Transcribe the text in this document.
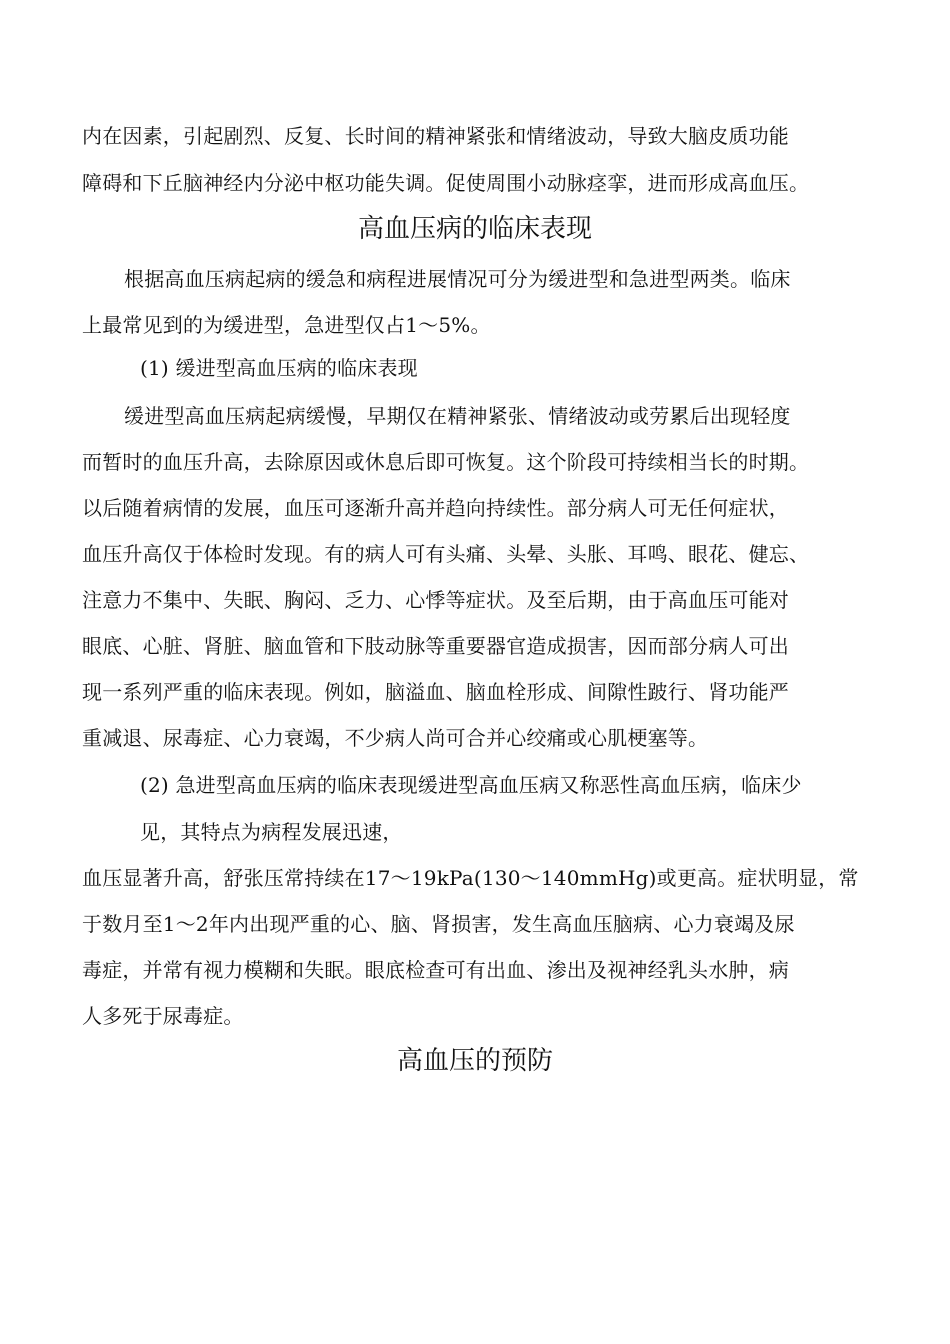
内在因素，引起剧烈、反复、长时间的精神紧张和情绪波动，导致大脑皮质功能
障碍和下丘脑神经内分泌中枢功能失调。促使周围小动脉痉挛，进而形成高血压。
高血压病的临床表现
根据高血压病起病的缓急和病程进展情况可分为缓进型和急进型两类。临床
上最常见到的为缓进型，急进型仅占1～5%。
(1) 缓进型高血压病的临床表现
缓进型高血压病起病缓慢，早期仅在精神紧张、情绪波动或劳累后出现轻度
而暂时的血压升高，去除原因或休息后即可恢复。这个阶段可持续相当长的时期。
以后随着病情的发展，血压可逐渐升高并趋向持续性。部分病人可无任何症状，
血压升高仅于体检时发现。有的病人可有头痛、头晕、头胀、耳鸣、眼花、健忘、
注意力不集中、失眠、胸闷、乏力、心悸等症状。及至后期，由于高血压可能对
眼底、心脏、肾脏、脑血管和下肢动脉等重要器官造成损害，因而部分病人可出
现一系列严重的临床表现。例如，脑溢血、脑血栓形成、间隙性跛行、肾功能严
重减退、尿毒症、心力衰竭，不少病人尚可合并心绞痛或心肌梗塞等。
(2) 急进型高血压病的临床表现缓进型高血压病又称恶性高血压病，临床少
见，其特点为病程发展迅速，
血压显著升高，舒张压常持续在17～19kPa(130～140mmHg)或更高。症状明显，常
于数月至1～2年内出现严重的心、脑、肾损害，发生高血压脑病、心力衰竭及尿
毒症，并常有视力模糊和失眠。眼底检查可有出血、渗出及视神经乳头水肿，病
人多死于尿毒症。
高血压的预防
